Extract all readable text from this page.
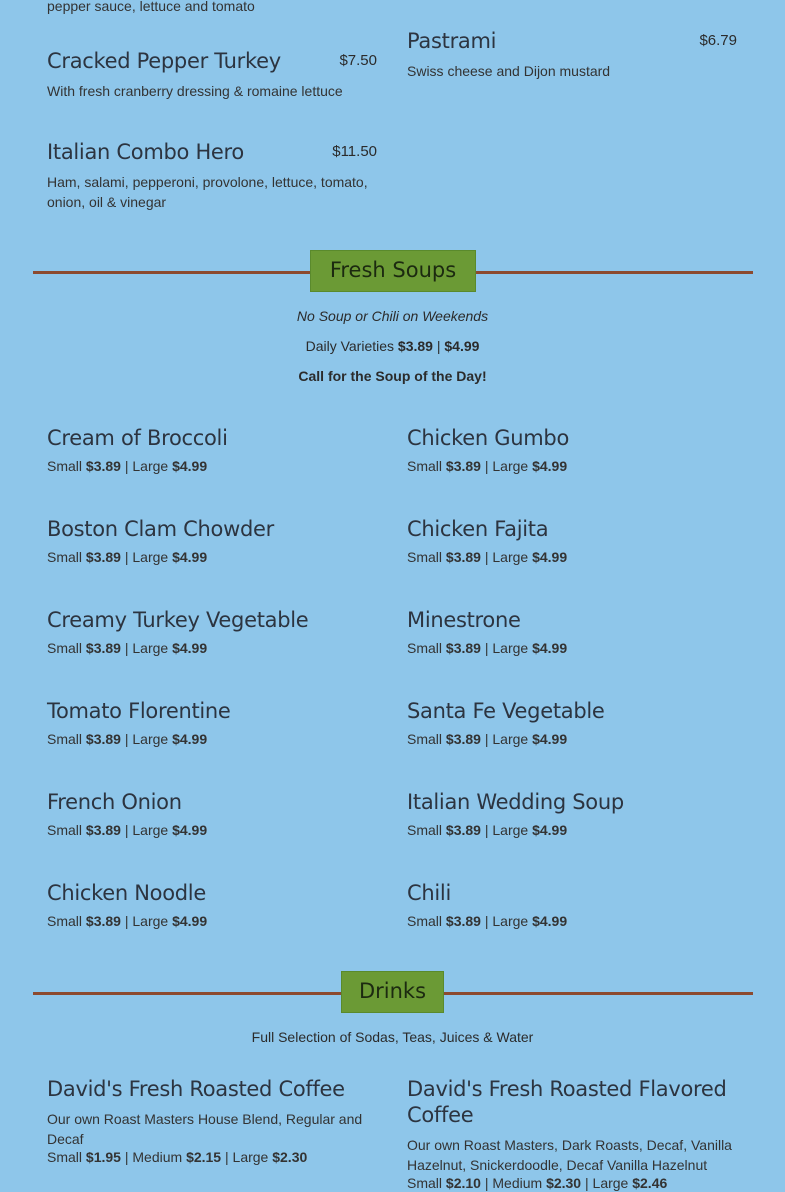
pepper sauce, lettuce and tomato
Cracked Pepper Turkey	$7.50
With fresh cranberry dressing & romaine lettuce
Italian Combo Hero	$11.50
Ham, salami, pepperoni, provolone, lettuce, tomato, onion, oil & vinegar
Pastrami	$6.79
Swiss cheese and Dijon mustard
Fresh Soups
No Soup or Chili on Weekends
Daily Varieties $3.89 | $4.99
Call for the Soup of the Day!
Cream of Broccoli
Small $3.89 | Large $4.99
Boston Clam Chowder
Small $3.89 | Large $4.99
Creamy Turkey Vegetable
Small $3.89 | Large $4.99
Tomato Florentine
Small $3.89 | Large $4.99
French Onion
Small $3.89 | Large $4.99
Chicken Noodle
Small $3.89 | Large $4.99
Chicken Gumbo
Small $3.89 | Large $4.99
Chicken Fajita
Small $3.89 | Large $4.99
Minestrone
Small $3.89 | Large $4.99
Santa Fe Vegetable
Small $3.89 | Large $4.99
Italian Wedding Soup
Small $3.89 | Large $4.99
Chili
Small $3.89 | Large $4.99
Drinks
Full Selection of Sodas, Teas, Juices & Water
David's Fresh Roasted Coffee
Our own Roast Masters House Blend, Regular and Decaf
Small $1.95 | Medium $2.15 | Large $2.30
David's Fresh Roasted Flavored Coffee
Our own Roast Masters, Dark Roasts, Decaf, Vanilla Hazelnut, Snickerdoodle, Decaf Vanilla Hazelnut
Small $2.10 | Medium $2.30 | Large $2.46
